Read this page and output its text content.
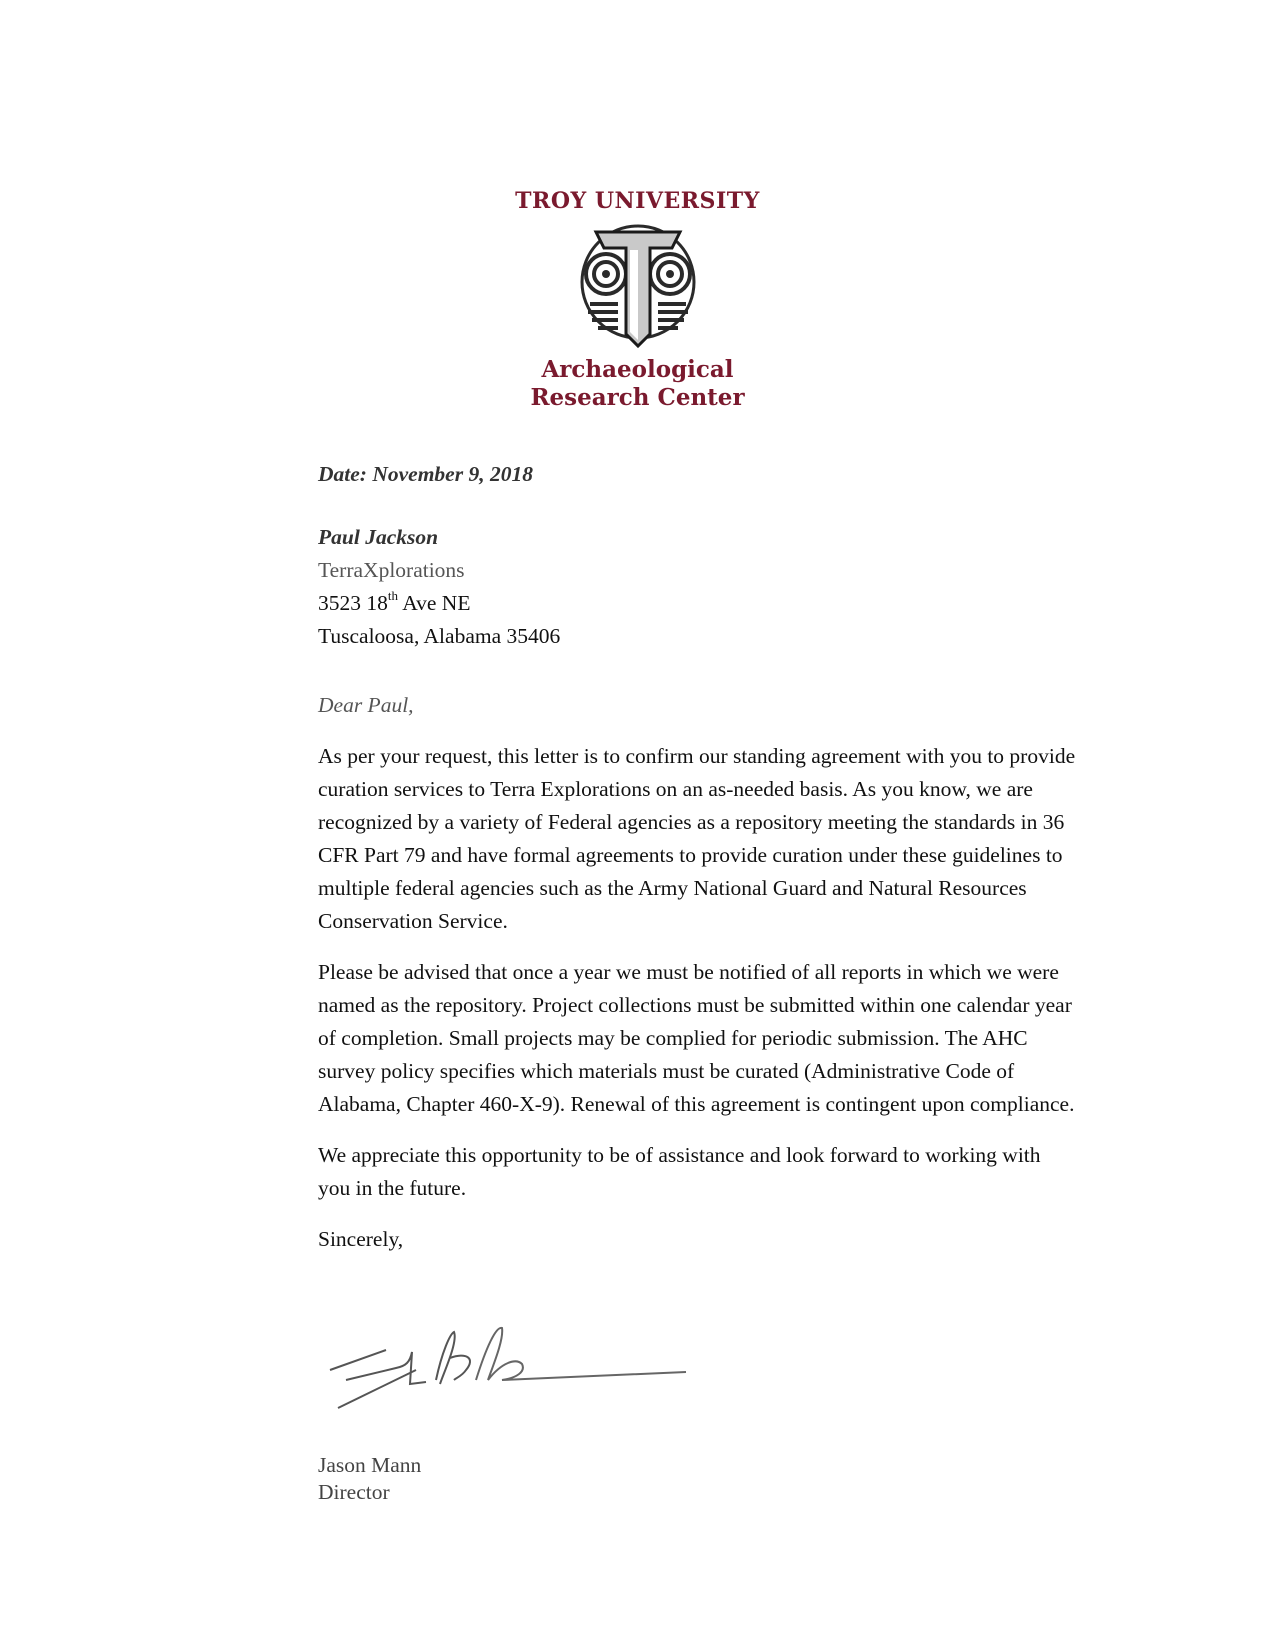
TROY UNIVERSITY
Archaeological
Research Center
Date: November 9, 2018
Paul Jackson
TerraXplorations
3523 18th Ave NE
Tuscaloosa, Alabama 35406
Dear Paul,
As per your request, this letter is to confirm our standing agreement with you to provide curation services to Terra Explorations on an as-needed basis. As you know, we are recognized by a variety of Federal agencies as a repository meeting the standards in 36 CFR Part 79 and have formal agreements to provide curation under these guidelines to multiple federal agencies such as the Army National Guard and Natural Resources Conservation Service.
Please be advised that once a year we must be notified of all reports in which we were named as the repository. Project collections must be submitted within one calendar year of completion. Small projects may be complied for periodic submission. The AHC survey policy specifies which materials must be curated (Administrative Code of Alabama, Chapter 460-X-9). Renewal of this agreement is contingent upon compliance.
We appreciate this opportunity to be of assistance and look forward to working with you in the future.
Sincerely,
Jason Mann
Director
